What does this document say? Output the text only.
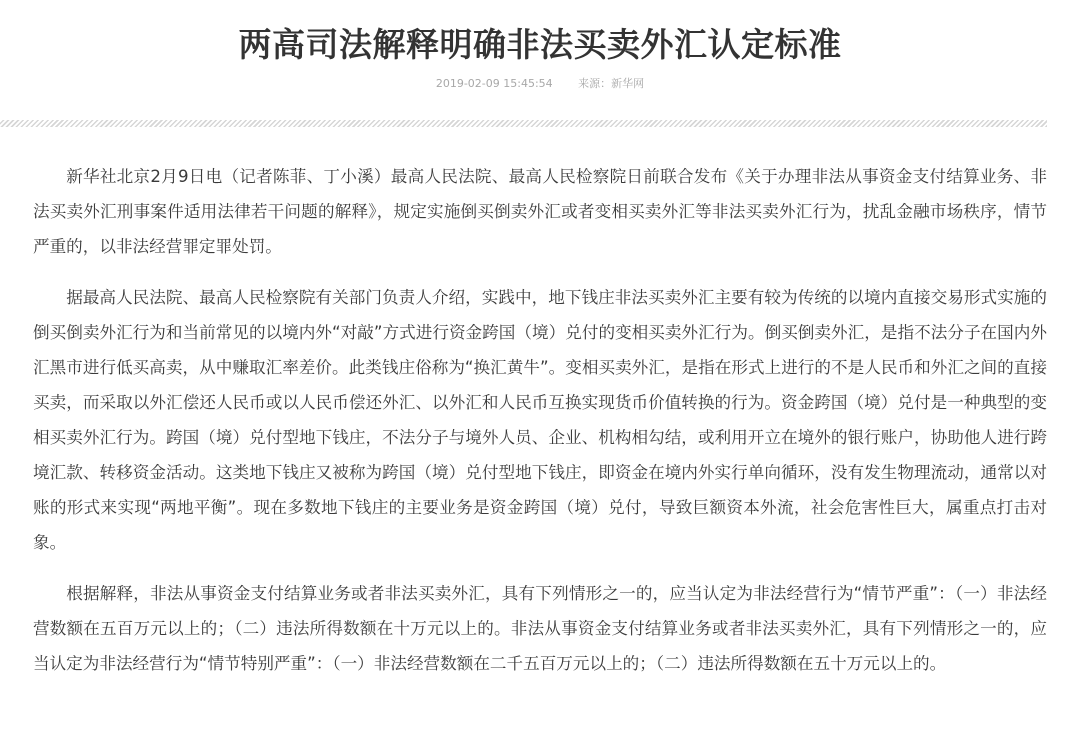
两高司法解释明确非法买卖外汇认定标准
2019-02-09 15:45:54 来源：新华网

新华社北京2月9日电（记者陈菲、丁小溪）最高人民法院、最高人民检察院日前联合发布《关于办理非法从事资金支付结算业务、非法买卖外汇刑事案件适用法律若干问题的解释》，规定实施倒买倒卖外汇或者变相买卖外汇等非法买卖外汇行为，扰乱金融市场秩序，情节严重的，以非法经营罪定罪处罚。

据最高人民法院、最高人民检察院有关部门负责人介绍，实践中，地下钱庄非法买卖外汇主要有较为传统的以境内直接交易形式实施的倒买倒卖外汇行为和当前常见的以境内外“对敲”方式进行资金跨国（境）兑付的变相买卖外汇行为。倒买倒卖外汇，是指不法分子在国内外汇黑市进行低买高卖，从中赚取汇率差价。此类钱庄俗称为“换汇黄牛”。变相买卖外汇，是指在形式上进行的不是人民币和外汇之间的直接买卖，而采取以外汇偿还人民币或以人民币偿还外汇、以外汇和人民币互换实现货币价值转换的行为。资金跨国（境）兑付是一种典型的变相买卖外汇行为。跨国（境）兑付型地下钱庄，不法分子与境外人员、企业、机构相勾结，或利用开立在境外的银行账户，协助他人进行跨境汇款、转移资金活动。这类地下钱庄又被称为跨国（境）兑付型地下钱庄，即资金在境内外实行单向循环，没有发生物理流动，通常以对账的形式来实现“两地平衡”。现在多数地下钱庄的主要业务是资金跨国（境）兑付，导致巨额资本外流，社会危害性巨大，属重点打击对象。

根据解释，非法从事资金支付结算业务或者非法买卖外汇，具有下列情形之一的，应当认定为非法经营行为“情节严重”：（一）非法经营数额在五百万元以上的；（二）违法所得数额在十万元以上的。非法从事资金支付结算业务或者非法买卖外汇，具有下列情形之一的，应当认定为非法经营行为“情节特别严重”：（一）非法经营数额在二千五百万元以上的；（二）违法所得数额在五十万元以上的。
